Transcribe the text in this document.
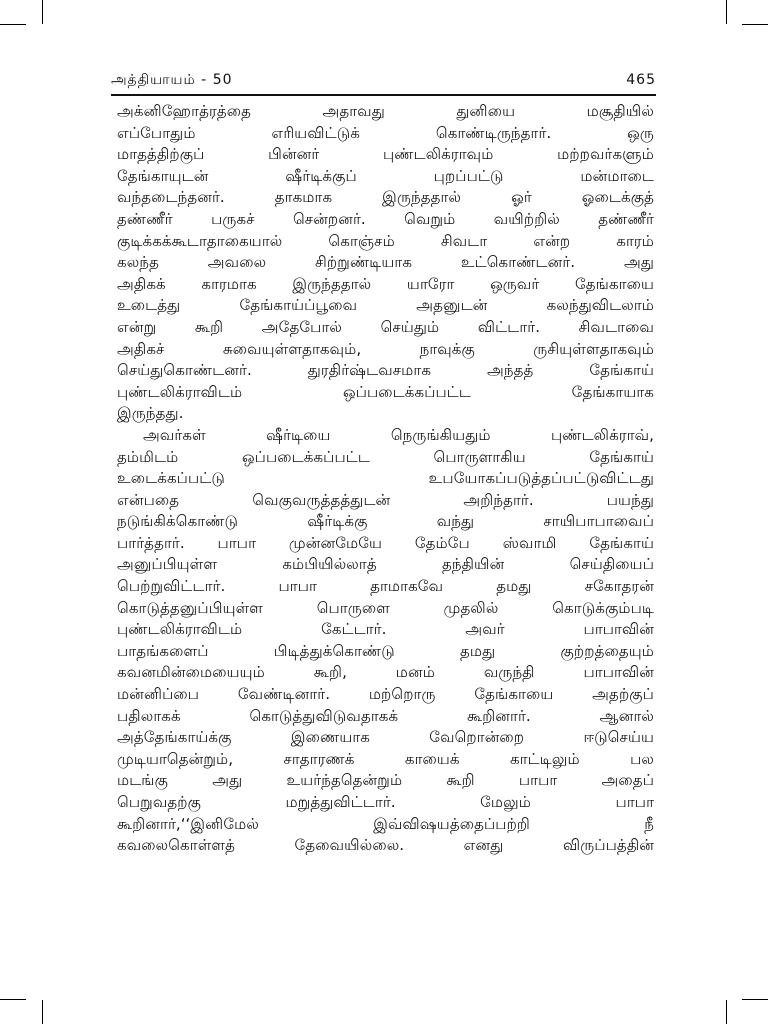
அத்தியாயம் - 50	465
அக்னிஹோத்ரத்தை அதாவது துனியை மசூதியில்
எப்போதும் எரியவிட்டுக் கொண்டிருந்தார். ஒரு
மாதத்திற்குப் பின்னர் புண்டலிக்ராவும் மற்றவர்களும்
தேங்காயுடன் ஷீர்டிக்குப் புறப்பட்டு மன்மாடை
வந்தடைந்தனர். தாகமாக இருந்ததால் ஓர் ஓடைக்குத்
தண்ணீர் பருகச் சென்றனர். வெறும் வயிற்றில் தண்ணீர்
குடிக்கக்கூடாதாகையால் கொஞ்சம் சிவடா என்ற காரம்
கலந்த அவலை சிற்றுண்டியாக உட்கொண்டனர். அது
அதிகக் காரமாக இருந்ததால் யாரோ ஒருவர் தேங்காயை
உடைத்து தேங்காய்ப்பூவை அதனுடன் கலந்துவிடலாம்
என்று கூறி அதேபோல் செய்தும் விட்டார். சிவடாவை
அதிகச் சுவையுள்ளதாகவும், நாவுக்கு ருசியுள்ளதாகவும்
செய்துகொண்டனர். துரதிர்ஷ்டவசமாக அந்தத் தேங்காய்
புண்டலிக்ராவிடம் ஒப்படைக்கப்பட்ட தேங்காயாக
இருந்தது.
அவர்கள் ஷீர்டியை நெருங்கியதும் புண்டலிக்ராவ்,
தம்மிடம் ஒப்படைக்கப்பட்ட பொருளாகிய தேங்காய்
உடைக்கப்பட்டு உபயோகப்படுத்தப்பட்டுவிட்டது
என்பதை வெகுவருத்தத்துடன் அறிந்தார். பயந்து
நடுங்கிக்கொண்டு ஷீர்டிக்கு வந்து சாயிபாபாவைப்
பார்த்தார். பாபா முன்னமேயே தேம்பே ஸ்வாமி தேங்காய்
அனுப்பியுள்ள கம்பியில்லாத் தந்தியின் செய்தியைப்
பெற்றுவிட்டார். பாபா தாமாகவே தமது சகோதரன்
கொடுத்தனுப்பியுள்ள பொருளை முதலில் கொடுக்கும்படி
புண்டலிக்ராவிடம் கேட்டார். அவர் பாபாவின்
பாதங்களைப் பிடித்துக்கொண்டு தமது குற்றத்தையும்
கவனமின்மையையும் கூறி, மனம் வருந்தி பாபாவின்
மன்னிப்பை வேண்டினார். மற்றொரு தேங்காயை அதற்குப்
பதிலாகக் கொடுத்துவிடுவதாகக் கூறினார். ஆனால்
அத்தேங்காய்க்கு இணையாக வேறொன்றை ஈடுசெய்ய
முடியாதென்றும், சாதாரணக் காயைக் காட்டிலும் பல
மடங்கு அது உயர்ந்ததென்றும் கூறி பாபா அதைப்
பெறுவதற்கு மறுத்துவிட்டார். மேலும் பாபா
கூறினார்,‘‘இனிமேல் இவ்விஷயத்தைப்பற்றி நீ
கவலைகொள்ளத் தேவையில்லை. எனது விருப்பத்தின்
